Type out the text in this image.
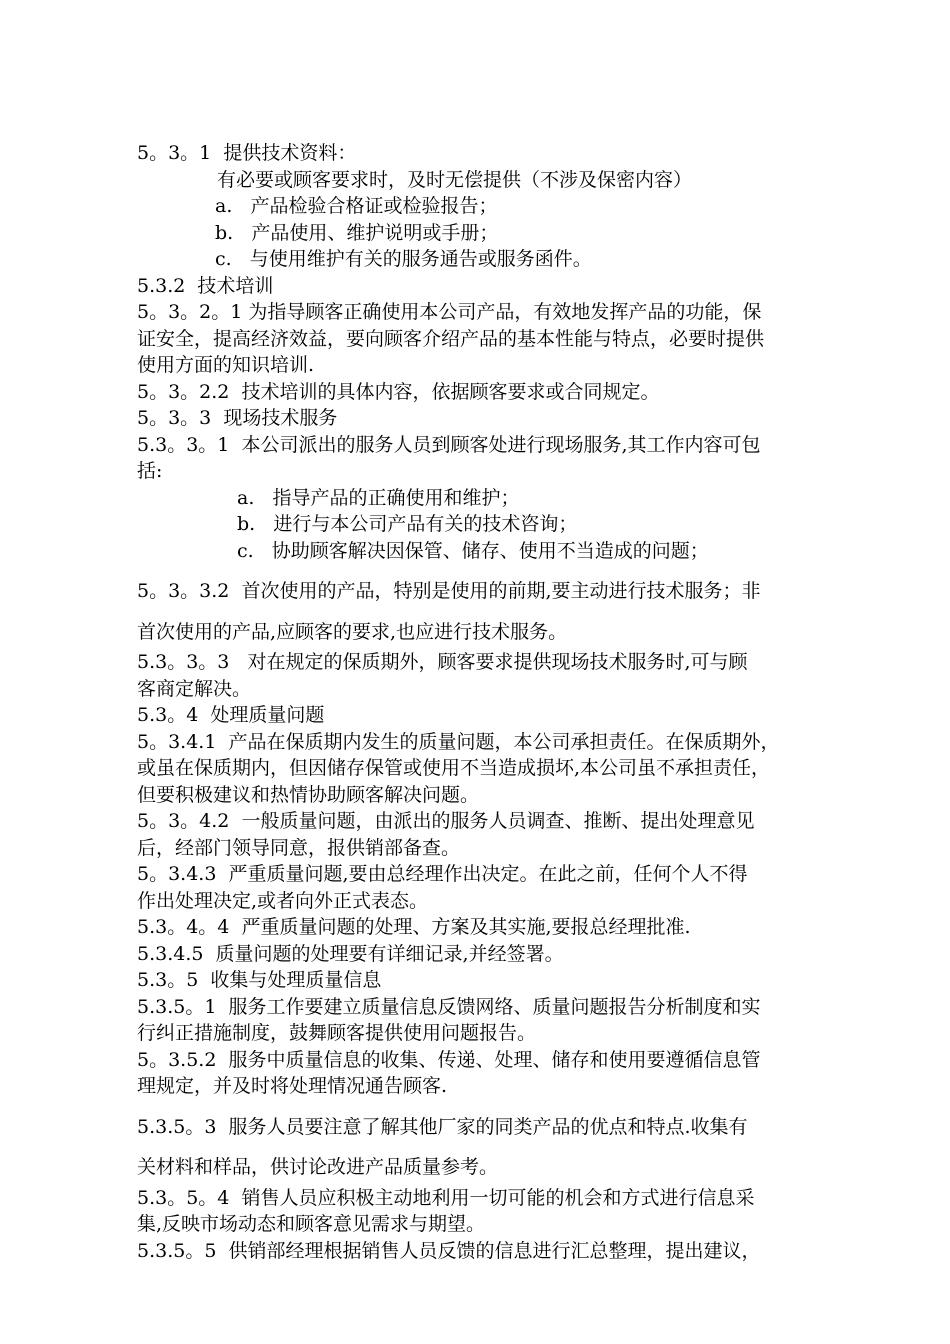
5。3。1  提供技术资料：

有必要或顾客要求时，及时无偿提供（不涉及保密内容）

a.   产品检验合格证或检验报告；

b.   产品使用、维护说明或手册；

c.   与使用维护有关的服务通告或服务函件。

5.3.2  技术培训

5。3。2。1 为指导顾客正确使用本公司产品，有效地发挥产品的功能，保

证安全，提高经济效益，要向顾客介绍产品的基本性能与特点，必要时提供

使用方面的知识培训.

5。3。2.2  技术培训的具体内容，依据顾客要求或合同规定。

5。3。3  现场技术服务

5.3。3。1  本公司派出的服务人员到顾客处进行现场服务,其工作内容可包

括:

a.   指导产品的正确使用和维护；

b.   进行与本公司产品有关的技术咨询；

c.   协助顾客解决因保管、储存、使用不当造成的问题；

5。3。3.2  首次使用的产品，特别是使用的前期,要主动进行技术服务；非

首次使用的产品,应顾客的要求,也应进行技术服务。

5.3。3。3   对在规定的保质期外，顾客要求提供现场技术服务时,可与顾

客商定解决。

5.3。4  处理质量问题

5。3.4.1  产品在保质期内发生的质量问题，本公司承担责任。在保质期外，

或虽在保质期内，但因储存保管或使用不当造成损坏,本公司虽不承担责任，

但要积极建议和热情协助顾客解决问题。

5。3。4.2  一般质量问题，由派出的服务人员调查、推断、提出处理意见

后，经部门领导同意，报供销部备查。

5。3.4.3  严重质量问题,要由总经理作出决定。在此之前，任何个人不得

作出处理决定,或者向外正式表态。

5.3。4。4  严重质量问题的处理、方案及其实施,要报总经理批准.

5.3.4.5  质量问题的处理要有详细记录,并经签署。

5.3。5  收集与处理质量信息

5.3.5。1  服务工作要建立质量信息反馈网络、质量问题报告分析制度和实

行纠正措施制度，鼓舞顾客提供使用问题报告。

5。3.5.2  服务中质量信息的收集、传递、处理、储存和使用要遵循信息管

理规定，并及时将处理情况通告顾客.

5.3.5。3  服务人员要注意了解其他厂家的同类产品的优点和特点.收集有

关材料和样品，供讨论改进产品质量参考。

5.3。5。4  销售人员应积极主动地利用一切可能的机会和方式进行信息采

集,反映市场动态和顾客意见需求与期望。

5.3.5。5  供销部经理根据销售人员反馈的信息进行汇总整理，提出建议，
